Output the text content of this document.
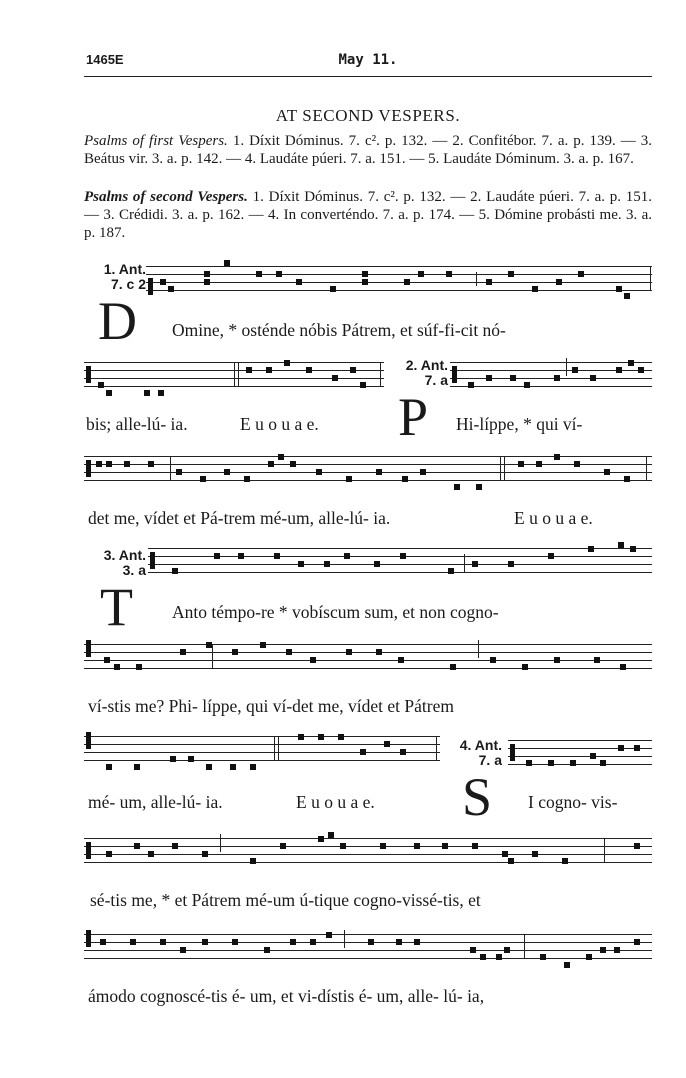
1465E	May 11.
AT SECOND VESPERS.
Psalms of first Vespers. 1. Díxit Dóminus. 7. c². p. 132. — 2. Confitébor. 7. a. p. 139. — 3. Beátus vir. 3. a. p. 142. — 4. Laudáte púeri. 7. a. 151. — 5. Laudáte Dóminum. 3. a. p. 167.
Psalms of second Vespers. 1. Díxit Dóminus. 7. c². p. 132. — 2. Laudáte púeri. 7. a. p. 151. — 3. Crédidi. 3. a. p. 162. — 4. In converténdo. 7. a. p. 174. — 5. Dómine probásti me. 3. a. p. 187.
1. Ant.
7. c 2
D Omine, * osténde nóbis Pátrem, et súf-fi-cit nó-
2. Ant.
7. a
bis; alle-lú- ia.	E u o u a e. P Hi-líppe, * qui ví-
det me, vídet et Pá-trem mé-um, alle-lú- ia.	E u o u a e.
3. Ant.
3. a
T Anto témpo-re * vobíscum sum, et non cogno-
ví-stis me? Phi- líppe, qui ví-det me, vídet et Pátrem
4. Ant.
7. a
mé- um, alle-lú- ia.	E u o u a e. S I cogno- vis-
sé-tis me, * et Pátrem mé-um ú-tique cogno-vissé-tis, et
ámodo cognoscé-tis é- um, et vi-dístis é- um, alle- lú- ia,
